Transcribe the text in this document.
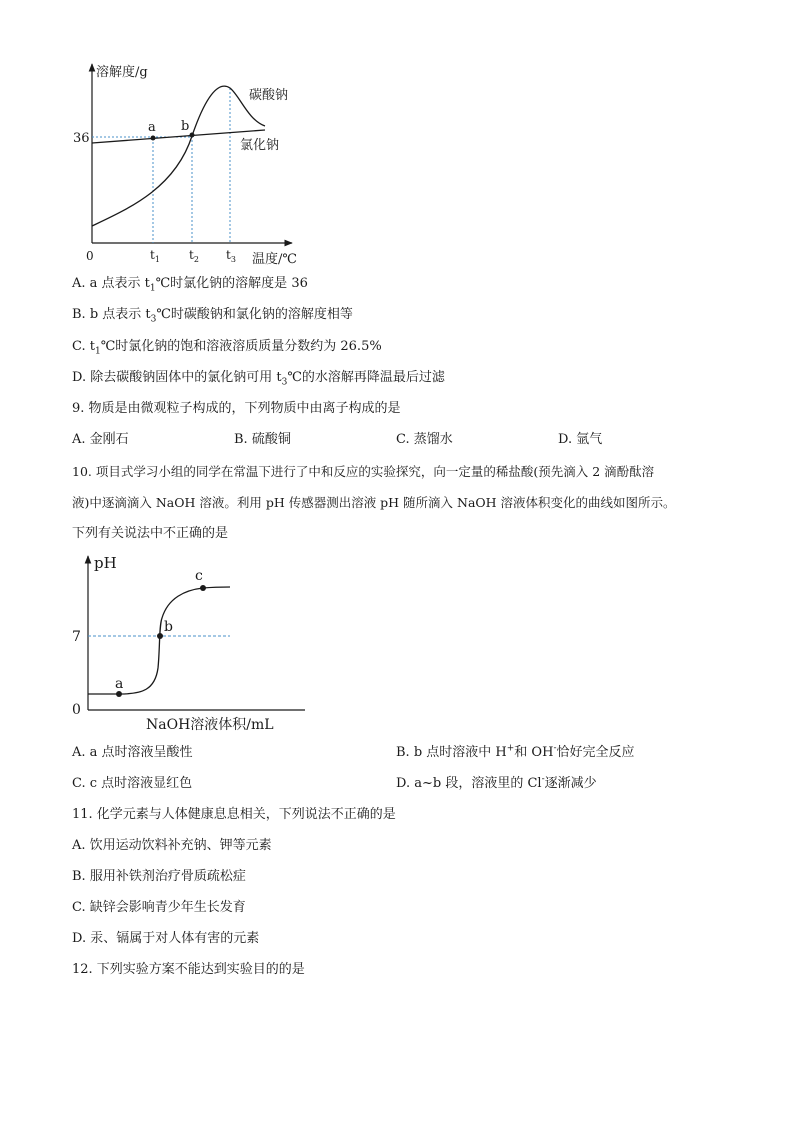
溶解度/g
温度/℃
0
36
a b
碳酸钠
氯化钠
$t_1$ $t_2$ $t_3$
A. a 点表示 $t_1℃$时氯化钠的溶解度是 36
B. b 点表示 $t_3℃$时碳酸钠和氯化钠的溶解度相等
C. $t_1℃$时氯化钠的饱和溶液溶质质量分数约为 26.5%
D. 除去碳酸钠固体中的氯化钠可用 $t_3℃$的水溶解再降温最后过滤
9. 物质是由微观粒子构成的，下列物质中由离子构成的是
A. 金刚石	B. 硫酸铜	C. 蒸馏水	D. 氩气
10. 项目式学习小组的同学在常温下进行了中和反应的实验探究，向一定量的稀盐酸(预先滴入 2 滴酚酞溶
液)中逐滴滴入 NaOH 溶液。利用 pH 传感器测出溶液 pH 随所滴入 NaOH 溶液体积变化的曲线如图所示。
下列有关说法中不正确的是
pH
NaOH溶液体积/mL
0
7
a
b
c
A. a 点时溶液呈酸性	B. b 点时溶液中 H+和 OH-恰好完全反应
C. c 点时溶液显红色	D. a~b 段，溶液里的 Cl-逐渐减少
11. 化学元素与人体健康息息相关，下列说法不正确的是
A. 饮用运动饮料补充钠、钾等元素
B. 服用补铁剂治疗骨质疏松症
C. 缺锌会影响青少年生长发育
D. 汞、镉属于对人体有害的元素
12. 下列实验方案不能达到实验目的的是
